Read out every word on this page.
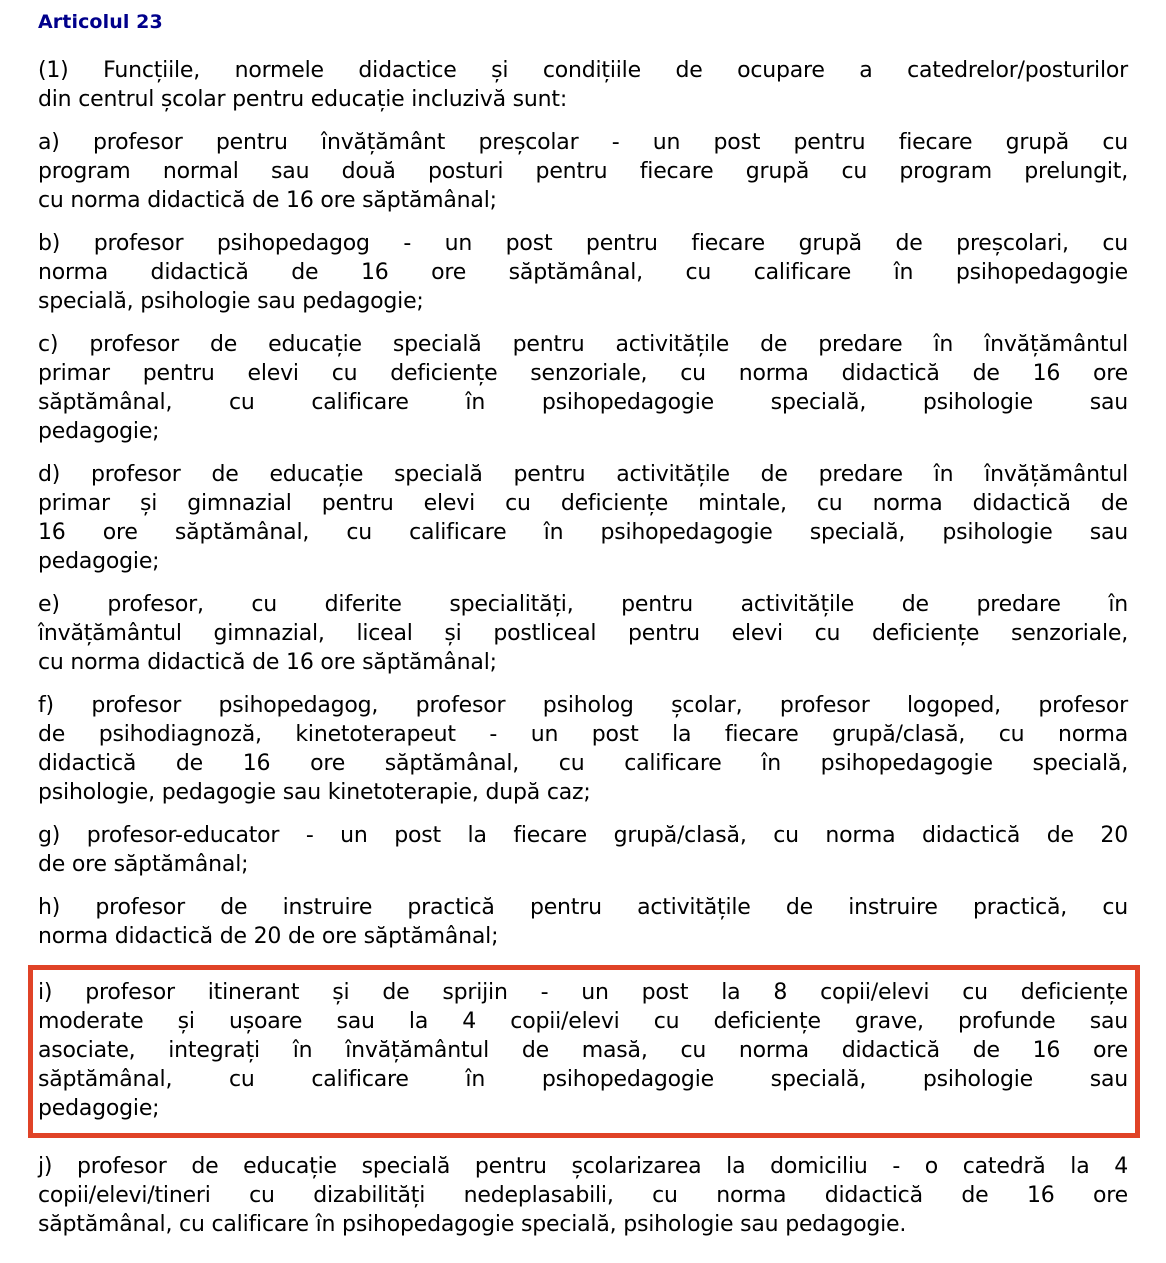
Articolul 23
(1) Funcțiile, normele didactice și condițiile de ocupare a catedrelor/posturilor
din centrul școlar pentru educație incluzivă sunt:
a) profesor pentru învățământ preșcolar - un post pentru fiecare grupă cu
program normal sau două posturi pentru fiecare grupă cu program prelungit,
cu norma didactică de 16 ore săptămânal;
b) profesor psihopedagog - un post pentru fiecare grupă de preșcolari, cu
norma didactică de 16 ore săptămânal, cu calificare în psihopedagogie
specială, psihologie sau pedagogie;
c) profesor de educație specială pentru activitățile de predare în învățământul
primar pentru elevi cu deficiențe senzoriale, cu norma didactică de 16 ore
săptămânal, cu calificare în psihopedagogie specială, psihologie sau
pedagogie;
d) profesor de educație specială pentru activitățile de predare în învățământul
primar și gimnazial pentru elevi cu deficiențe mintale, cu norma didactică de
16 ore săptămânal, cu calificare în psihopedagogie specială, psihologie sau
pedagogie;
e) profesor, cu diferite specialități, pentru activitățile de predare în
învățământul gimnazial, liceal și postliceal pentru elevi cu deficiențe senzoriale,
cu norma didactică de 16 ore săptămânal;
f) profesor psihopedagog, profesor psiholog școlar, profesor logoped, profesor
de psihodiagnoză, kinetoterapeut - un post la fiecare grupă/clasă, cu norma
didactică de 16 ore săptămânal, cu calificare în psihopedagogie specială,
psihologie, pedagogie sau kinetoterapie, după caz;
g) profesor-educator - un post la fiecare grupă/clasă, cu norma didactică de 20
de ore săptămânal;
h) profesor de instruire practică pentru activitățile de instruire practică, cu
norma didactică de 20 de ore săptămânal;
i) profesor itinerant și de sprijin - un post la 8 copii/elevi cu deficiențe
moderate și ușoare sau la 4 copii/elevi cu deficiențe grave, profunde sau
asociate, integrați în învățământul de masă, cu norma didactică de 16 ore
săptămânal, cu calificare în psihopedagogie specială, psihologie sau
pedagogie;
j) profesor de educație specială pentru școlarizarea la domiciliu - o catedră la 4
copii/elevi/tineri cu dizabilități nedeplasabili, cu norma didactică de 16 ore
săptămânal, cu calificare în psihopedagogie specială, psihologie sau pedagogie.
